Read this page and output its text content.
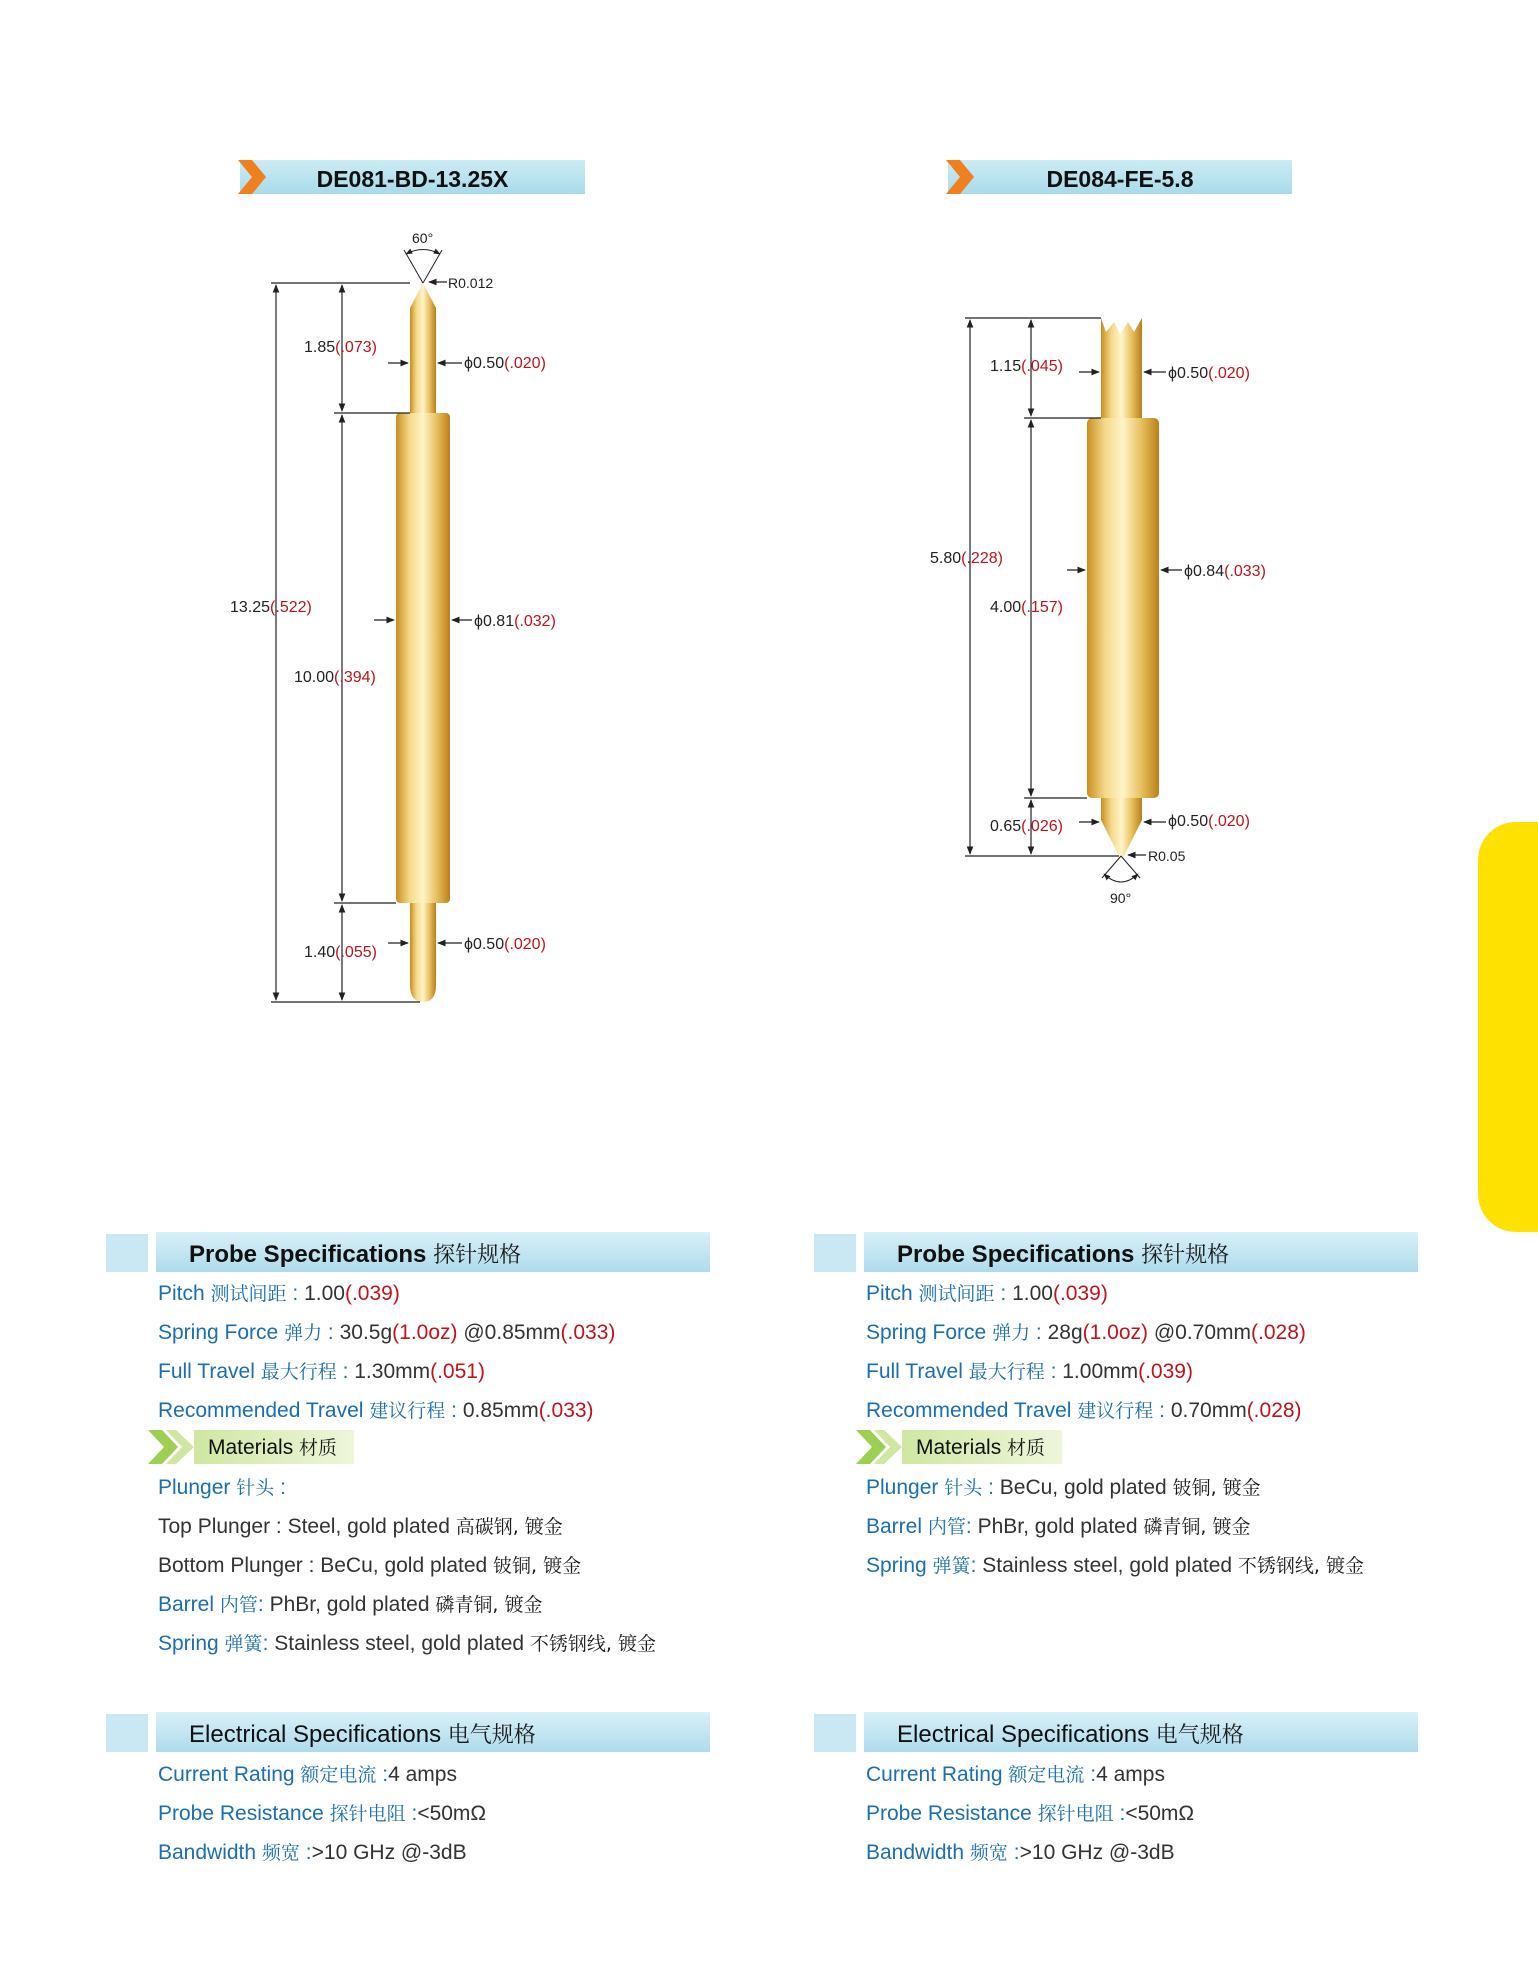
DE081-BD-13.25X	DE084-FE-5.8
60°
R0.012
1.85(.073)
ϕ0.50(.020)
13.25(.522)
ϕ0.81(.032)
10.00(.394)
1.40(.055)	ϕ0.50(.020)
R0.05
90°
1.15(.045)	ϕ0.50(.020)
5.80(.228)
ϕ0.84(.033)
4.00(.157)
0.65(.026)	ϕ0.50(.020)
Double Ended Probe
Probe Specifications 探针规格
Pitch 测试间距 : 1.00(.039)
Spring Force 弹力 : 30.5g(1.0oz) @0.85mm(.033)
Full Travel 最大行程 : 1.30mm(.051)
Recommended Travel 建议行程 : 0.85mm(.033)
Materials 材质
Plunger 针头 :
Top Plunger : Steel, gold plated 高碳钢, 镀金
Bottom Plunger : BeCu, gold plated 铍铜, 镀金
Barrel 内管: PhBr, gold plated 磷青铜, 镀金
Spring 弹簧: Stainless steel, gold plated 不锈钢线, 镀金
Electrical Specifications 电气规格
Current Rating 额定电流 :4 amps
Probe Resistance 探针电阻 :<50mΩ
Bandwidth 频宽 :>10 GHz @-3dB
Probe Specifications 探针规格
Pitch 测试间距 : 1.00(.039)
Spring Force 弹力 : 28g(1.0oz) @0.70mm(.028)
Full Travel 最大行程 : 1.00mm(.039)
Recommended Travel 建议行程 : 0.70mm(.028)
Materials 材质
Plunger 针头 : BeCu, gold plated 铍铜, 镀金
Barrel 内管: PhBr, gold plated 磷青铜, 镀金
Spring 弹簧: Stainless steel, gold plated 不锈钢线, 镀金
Electrical Specifications 电气规格
Current Rating 额定电流 :4 amps
Probe Resistance 探针电阻 :<50mΩ
Bandwidth 频宽 :>10 GHz @-3dB
